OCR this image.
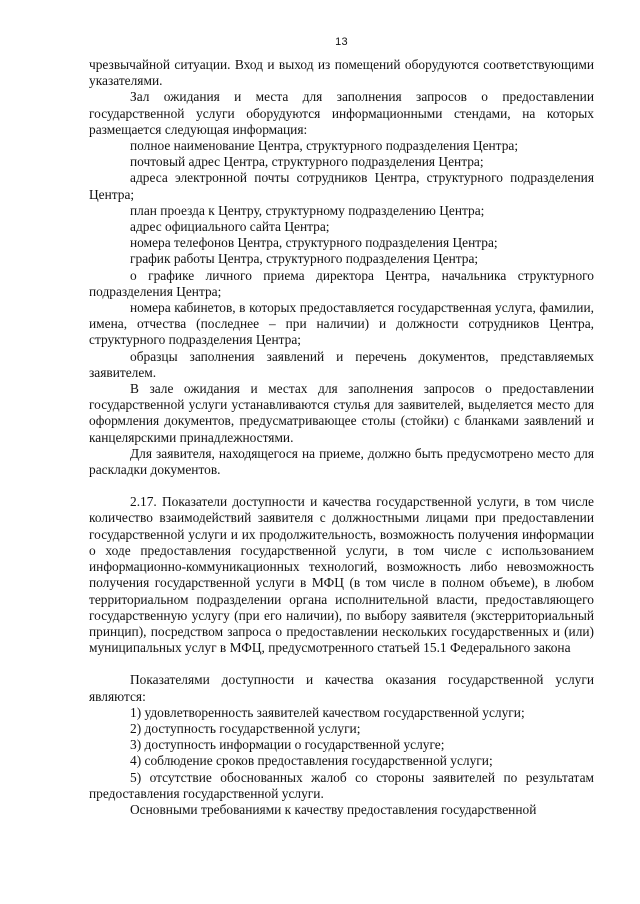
13

чрезвычайной ситуации. Вход и выход из помещений оборудуются соответствующими указателями.

Зал ожидания и места для заполнения запросов о предоставлении государственной услуги оборудуются информационными стендами, на которых размещается следующая информация:

полное наименование Центра, структурного подразделения Центра;

почтовый адрес Центра, структурного подразделения Центра;

адреса электронной почты сотрудников Центра, структурного подразделения Центра;

план проезда к Центру, структурному подразделению Центра;

адрес официального сайта Центра;

номера телефонов Центра, структурного подразделения Центра;

график работы Центра, структурного подразделения Центра;

о графике личного приема директора Центра, начальника структурного подразделения Центра;

номера кабинетов, в которых предоставляется государственная услуга, фамилии, имена, отчества (последнее – при наличии) и должности сотрудников Центра, структурного подразделения Центра;

образцы заполнения заявлений и перечень документов, представляемых заявителем.

В зале ожидания и местах для заполнения запросов о предоставлении государственной услуги устанавливаются стулья для заявителей, выделяется место для оформления документов, предусматривающее столы (стойки) с бланками заявлений и канцелярскими принадлежностями.

Для заявителя, находящегося на приеме, должно быть предусмотрено место для раскладки документов.

2.17. Показатели доступности и качества государственной услуги, в том числе количество взаимодействий заявителя с должностными лицами при предоставлении государственной услуги и их продолжительность, возможность получения информации о ходе предоставления государственной услуги, в том числе с использованием информационно-коммуникационных технологий, возможность либо невозможность получения государственной услуги в МФЦ (в том числе в полном объеме), в любом территориальном подразделении органа исполнительной власти, предоставляющего государственную услугу (при его наличии), по выбору заявителя (экстерриториальный принцип), посредством запроса о предоставлении нескольких государственных и (или) муниципальных услуг в МФЦ, предусмотренного статьей 15.1 Федерального закона

Показателями доступности и качества оказания государственной услуги являются:

1) удовлетворенность заявителей качеством государственной услуги;

2) доступность государственной услуги;

3) доступность информации о государственной услуге;

4) соблюдение сроков предоставления государственной услуги;

5) отсутствие обоснованных жалоб со стороны заявителей по результатам предоставления государственной услуги.

Основными требованиями к качеству предоставления государственной
